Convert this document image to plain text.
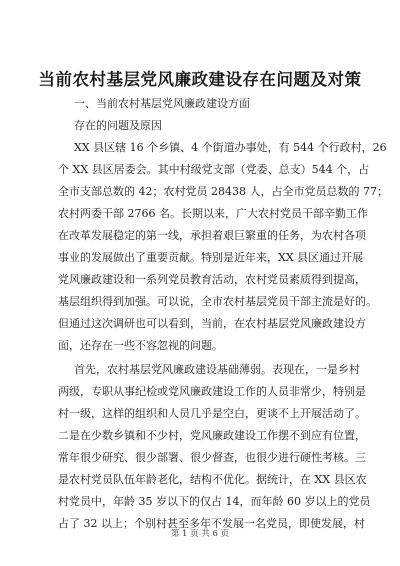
当前农村基层党风廉政建设存在问题及对策
一、当前农村基层党风廉政建设方面
存在的问题及原因
XX 县区辖 16 个乡镇、4 个街道办事处，有 544 个行政村，26
个 XX 县区居委会。其中村级党支部（党委、总支）544 个，占
全市支部总数的 42；农村党员 28438 人，占全市党员总数的 77；
农村两委干部 2766 名。长期以来，广大农村党员干部辛勤工作
在改革发展稳定的第一线，承担着艰巨繁重的任务，为农村各项
事业的发展做出了重要贡献。特别是近年来，XX 县区通过开展
党风廉政建设和一系列党员教育活动，农村党员素质得到提高，
基层组织得到加强。可以说，全市农村基层党员干部主流是好的。
但通过这次调研也可以看到，当前，在农村基层党风廉政建设方
面，还存在一些不容忽视的问题。
首先，农村基层党风廉政建设基础薄弱。表现在，一是乡村
两级，专职从事纪检或党风廉政建设工作的人员非常少，特别是
村一级，这样的组织和人员几乎是空白，更谈不上开展活动了。
二是在少数乡镇和不少村，党风廉政建设工作摆不到应有位置，
常年很少研究、很少部署、很少督查，也很少进行硬性考核。三
是农村党员队伍年龄老化，结构不优化。据统计，在 XX 县区农
村党员中，年龄 35 岁以下的仅占 14，而年龄 60 岁以上的党员
占了 32 以上；个别村甚至多年不发展一名党员，即使发展，村
第 1 页 共 6 页
